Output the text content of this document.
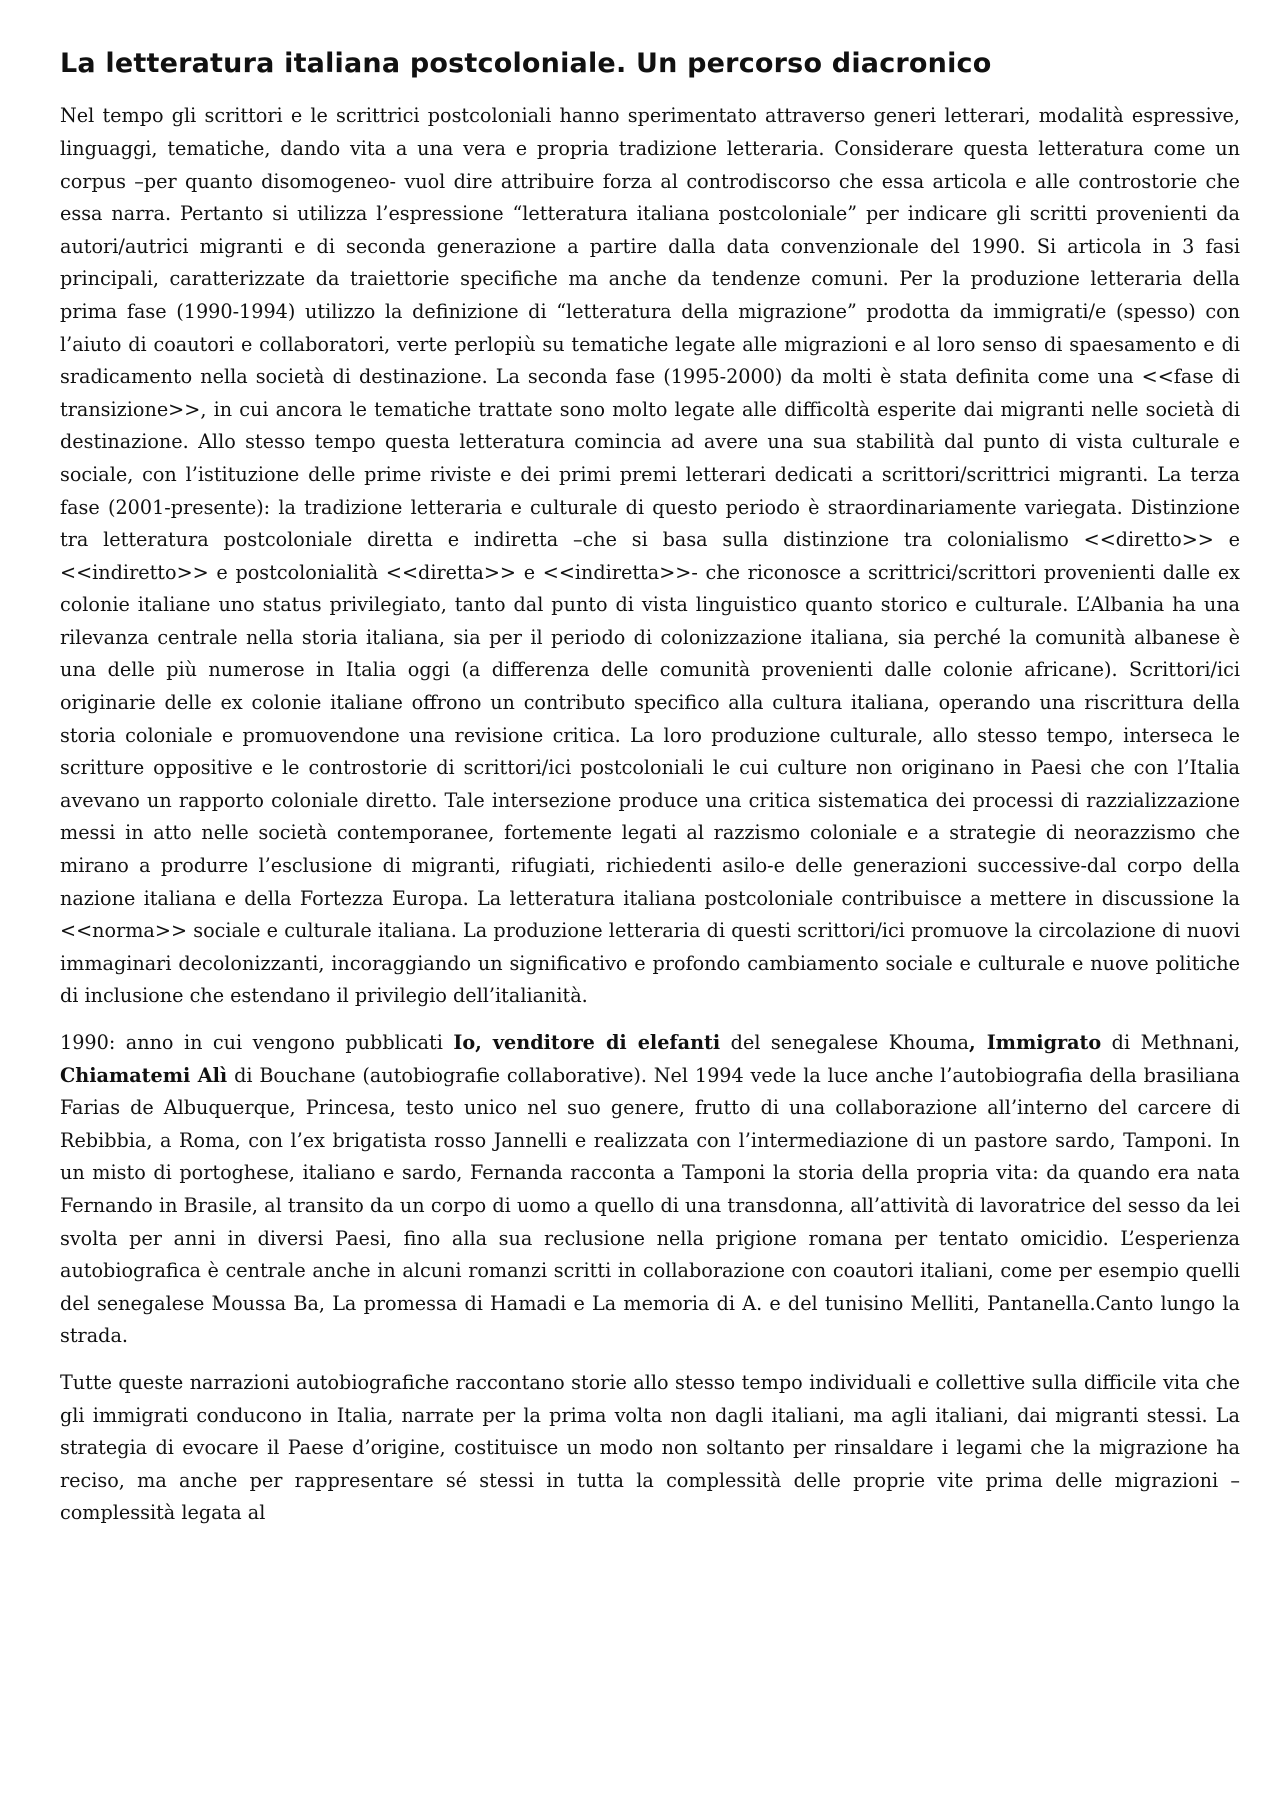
La letteratura italiana postcoloniale. Un percorso diacronico

Nel tempo gli scrittori e le scrittrici postcoloniali hanno sperimentato attraverso generi letterari, modalità espressive, linguaggi, tematiche, dando vita a una vera e propria tradizione letteraria. Considerare questa letteratura come un corpus –per quanto disomogeneo- vuol dire attribuire forza al controdiscorso che essa articola e alle controstorie che essa narra. Pertanto si utilizza l’espressione “letteratura italiana postcoloniale” per indicare gli scritti provenienti da autori/autrici migranti e di seconda generazione a partire dalla data convenzionale del 1990. Si articola in 3 fasi principali, caratterizzate da traiettorie specifiche ma anche da tendenze comuni. Per la produzione letteraria della prima fase (1990-1994) utilizzo la definizione di “letteratura della migrazione” prodotta da immigrati/e (spesso) con l’aiuto di coautori e collaboratori, verte perlopiù su tematiche legate alle migrazioni e al loro senso di spaesamento e di sradicamento nella società di destinazione. La seconda fase (1995-2000) da molti è stata definita come una <<fase di transizione>>, in cui ancora le tematiche trattate sono molto legate alle difficoltà esperite dai migranti nelle società di destinazione. Allo stesso tempo questa letteratura comincia ad avere una sua stabilità dal punto di vista culturale e sociale, con l’istituzione delle prime riviste e dei primi premi letterari dedicati a scrittori/scrittrici migranti. La terza fase (2001-presente): la tradizione letteraria e culturale di questo periodo è straordinariamente variegata. Distinzione tra letteratura postcoloniale diretta e indiretta –che si basa sulla distinzione tra colonialismo <<diretto>> e <<indiretto>> e postcolonialità <<diretta>> e <<indiretta>>- che riconosce a scrittrici/scrittori provenienti dalle ex colonie italiane uno status privilegiato, tanto dal punto di vista linguistico quanto storico e culturale. L’Albania ha una rilevanza centrale nella storia italiana, sia per il periodo di colonizzazione italiana, sia perché la comunità albanese è una delle più numerose in Italia oggi (a differenza delle comunità provenienti dalle colonie africane). Scrittori/ici originarie delle ex colonie italiane offrono un contributo specifico alla cultura italiana, operando una riscrittura della storia coloniale e promuovendone una revisione critica. La loro produzione culturale, allo stesso tempo, interseca le scritture oppositive e le controstorie di scrittori/ici postcoloniali le cui culture non originano in Paesi che con l’Italia avevano un rapporto coloniale diretto. Tale intersezione produce una critica sistematica dei processi di razzializzazione messi in atto nelle società contemporanee, fortemente legati al razzismo coloniale e a strategie di neorazzismo che mirano a produrre l’esclusione di migranti, rifugiati, richiedenti asilo-e delle generazioni successive-dal corpo della nazione italiana e della Fortezza Europa. La letteratura italiana postcoloniale contribuisce a mettere in discussione la <<norma>> sociale e culturale italiana. La produzione letteraria di questi scrittori/ici promuove la circolazione di nuovi immaginari decolonizzanti, incoraggiando un significativo e profondo cambiamento sociale e culturale e nuove politiche di inclusione che estendano il privilegio dell’italianità.

1990: anno in cui vengono pubblicati Io, venditore di elefanti del senegalese Khouma, Immigrato di Methnani, Chiamatemi Alì di Bouchane (autobiografie collaborative). Nel 1994 vede la luce anche l’autobiografia della brasiliana Farias de Albuquerque, Princesa, testo unico nel suo genere, frutto di una collaborazione all’interno del carcere di Rebibbia, a Roma, con l’ex brigatista rosso Jannelli e realizzata con l’intermediazione di un pastore sardo, Tamponi. In un misto di portoghese, italiano e sardo, Fernanda racconta a Tamponi la storia della propria vita: da quando era nata Fernando in Brasile, al transito da un corpo di uomo a quello di una transdonna, all’attività di lavoratrice del sesso da lei svolta per anni in diversi Paesi, fino alla sua reclusione nella prigione romana per tentato omicidio. L’esperienza autobiografica è centrale anche in alcuni romanzi scritti in collaborazione con coautori italiani, come per esempio quelli del senegalese Moussa Ba, La promessa di Hamadi e La memoria di A. e del tunisino Melliti, Pantanella.Canto lungo la strada.

Tutte queste narrazioni autobiografiche raccontano storie allo stesso tempo individuali e collettive sulla difficile vita che gli immigrati conducono in Italia, narrate per la prima volta non dagli italiani, ma agli italiani, dai migranti stessi. La strategia di evocare il Paese d’origine, costituisce un modo non soltanto per rinsaldare i legami che la migrazione ha reciso, ma anche per rappresentare sé stessi in tutta la complessità delle proprie vite prima delle migrazioni –complessità legata al
